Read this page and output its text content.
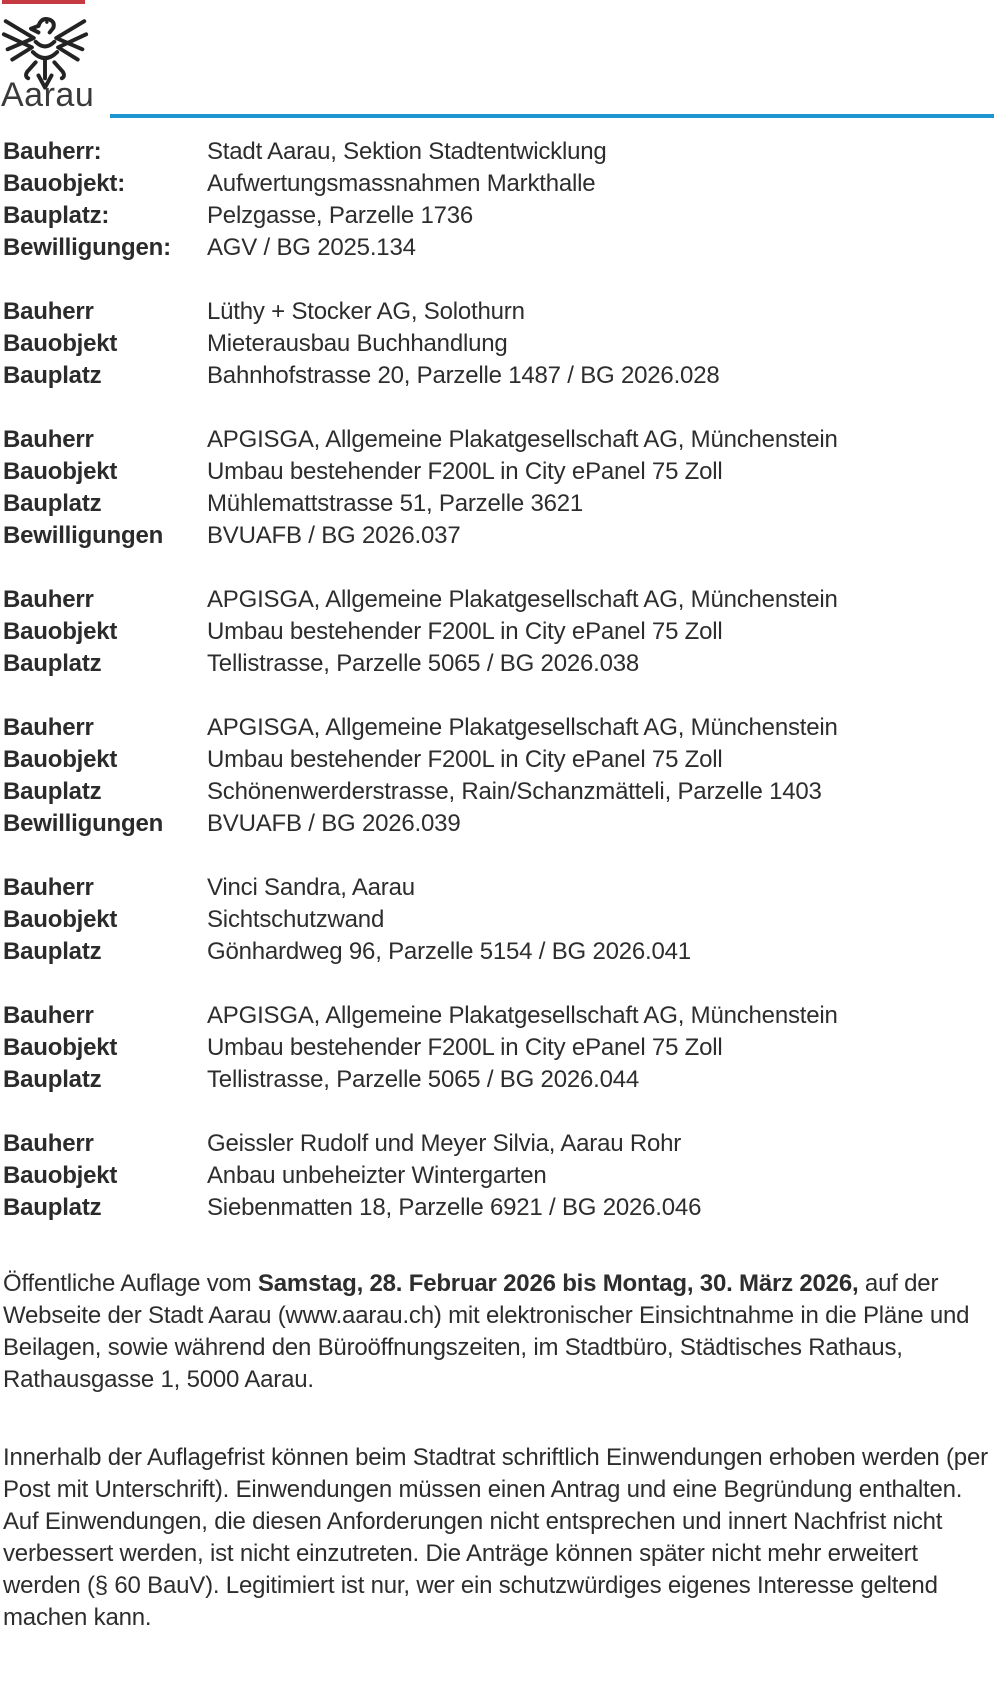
Aarau
Bauherr:	Stadt Aarau, Sektion Stadtentwicklung
Bauobjekt:	Aufwertungsmassnahmen Markthalle
Bauplatz:	Pelzgasse, Parzelle 1736
Bewilligungen:	AGV / BG 2025.134
Bauherr	Lüthy + Stocker AG, Solothurn
Bauobjekt	Mieterausbau Buchhandlung
Bauplatz	Bahnhofstrasse 20, Parzelle 1487 / BG 2026.028
Bauherr	APGISGA, Allgemeine Plakatgesellschaft AG, Münchenstein
Bauobjekt	Umbau bestehender F200L in City ePanel 75 Zoll
Bauplatz	Mühlemattstrasse 51, Parzelle 3621
Bewilligungen	BVUAFB / BG 2026.037
Bauherr	APGISGA, Allgemeine Plakatgesellschaft AG, Münchenstein
Bauobjekt	Umbau bestehender F200L in City ePanel 75 Zoll
Bauplatz	Tellistrasse, Parzelle 5065 / BG 2026.038
Bauherr	APGISGA, Allgemeine Plakatgesellschaft AG, Münchenstein
Bauobjekt	Umbau bestehender F200L in City ePanel 75 Zoll
Bauplatz	Schönenwerderstrasse, Rain/Schanzmätteli, Parzelle 1403
Bewilligungen	BVUAFB / BG 2026.039
Bauherr	Vinci Sandra, Aarau
Bauobjekt	Sichtschutzwand
Bauplatz	Gönhardweg 96, Parzelle 5154 / BG 2026.041
Bauherr	APGISGA, Allgemeine Plakatgesellschaft AG, Münchenstein
Bauobjekt	Umbau bestehender F200L in City ePanel 75 Zoll
Bauplatz	Tellistrasse, Parzelle 5065 / BG 2026.044
Bauherr	Geissler Rudolf und Meyer Silvia, Aarau Rohr
Bauobjekt	Anbau unbeheizter Wintergarten
Bauplatz	Siebenmatten 18, Parzelle 6921 / BG 2026.046

Öffentliche Auflage vom Samstag, 28. Februar 2026 bis Montag, 30. März 2026, auf der Webseite der Stadt Aarau (www.aarau.ch) mit elektronischer Einsichtnahme in die Pläne und Beilagen, sowie während den Büroöffnungszeiten, im Stadtbüro, Städtisches Rathaus, Rathausgasse 1, 5000 Aarau.

Innerhalb der Auflagefrist können beim Stadtrat schriftlich Einwendungen erhoben werden (per Post mit Unterschrift). Einwendungen müssen einen Antrag und eine Begründung enthalten. Auf Einwendungen, die diesen Anforderungen nicht entsprechen und innert Nachfrist nicht verbessert werden, ist nicht einzutreten. Die Anträge können später nicht mehr erweitert werden (§ 60 BauV). Legitimiert ist nur, wer ein schutzwürdiges eigenes Interesse geltend machen kann.
